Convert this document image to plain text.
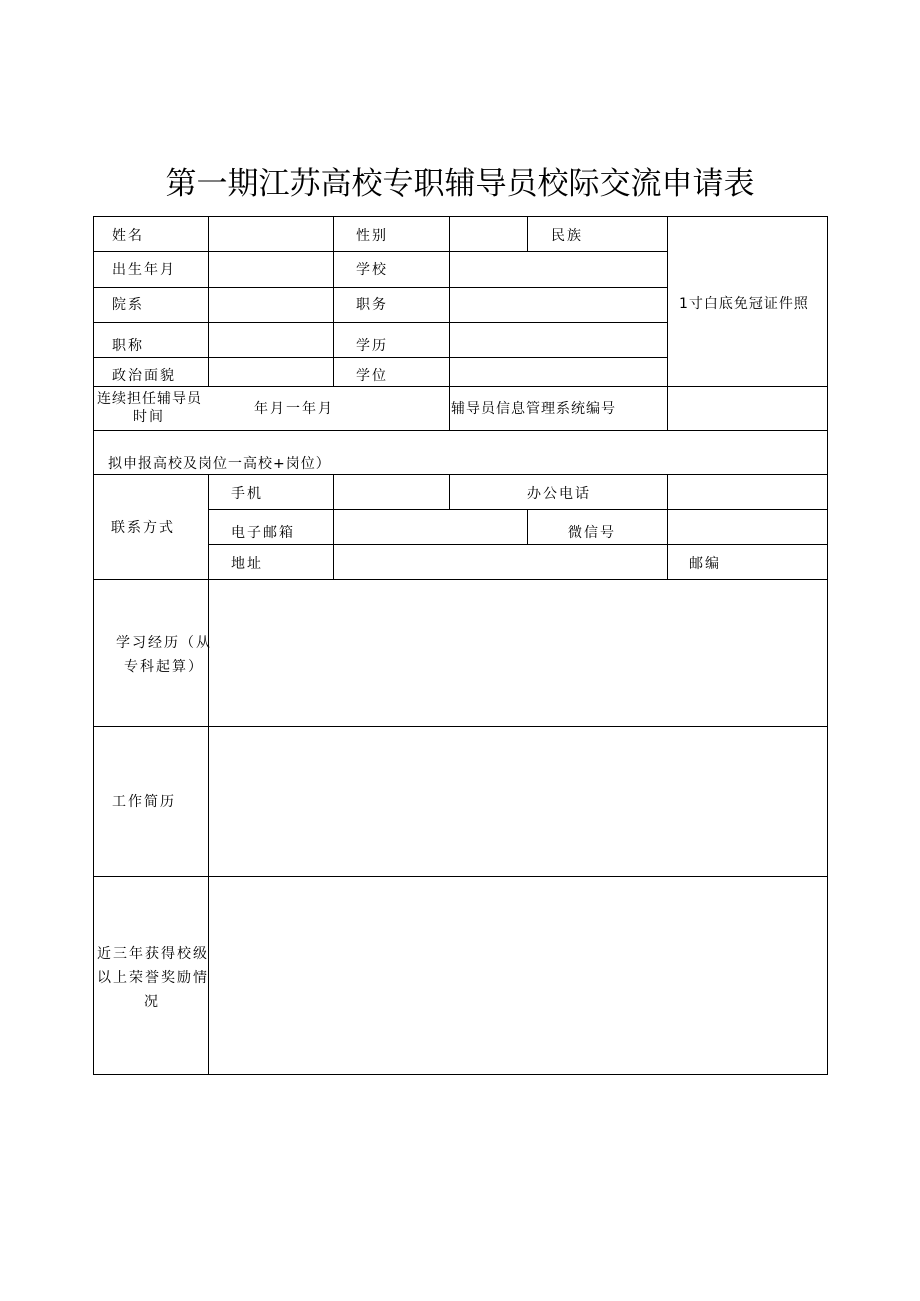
第一期江苏高校专职辅导员校际交流申请表
姓名	性别	民族
1寸白底免冠证件照
出生年月	学校
院系	职务
职称	学历
政治面貌	学位
连续担任辅导员
时间	年月一年月	辅导员信息管理系统编号
拟申报高校及岗位一高校+岗位）
联系方式
手机	办公电话
电子邮箱	微信号
地址	邮编
学习经历（从
专科起算）
工作简历
近三年获得校级
以上荣誉奖励情
况
